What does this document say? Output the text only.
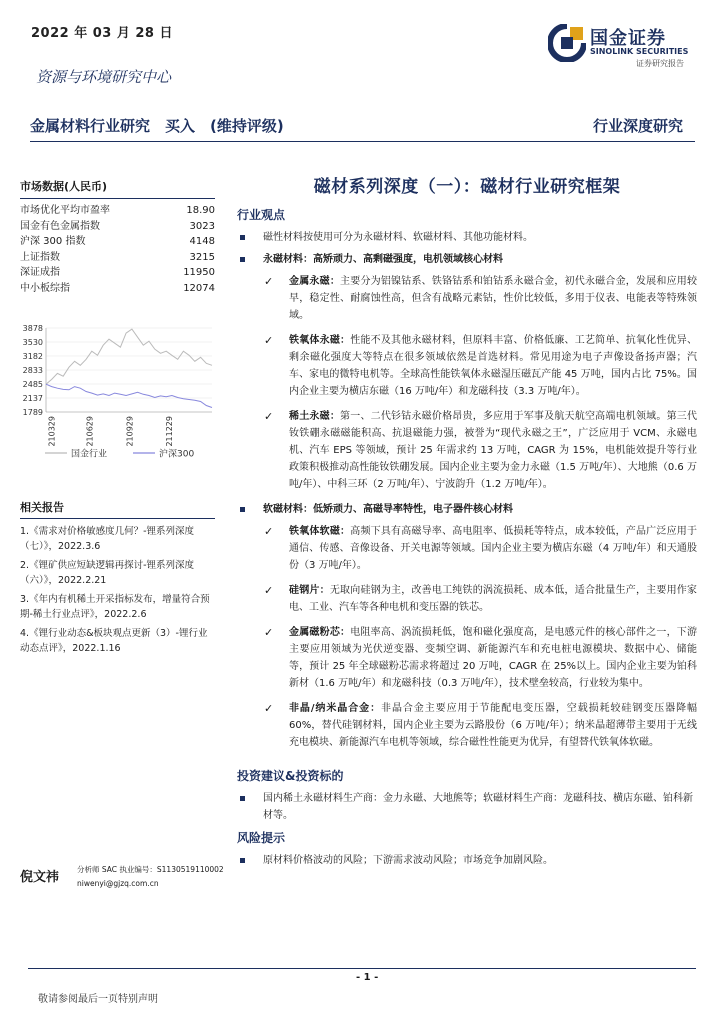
2022 年 03 月 28 日	国金证券
SINOLINK SECURITIES
证券研究报告
资源与环境研究中心
金属材料行业研究　买入　(维持评级)	行业深度研究
市场数据(人民币)
市场优化平均市盈率	18.90
国金有色金属指数	3023
沪深 300 指数	4148
上证指数	3215
深证成指	11950
中小板综指	12074
3878
3530
3182
2833
2485
2137
1789
210329	210629	210929	211229
国金行业	沪深300
相关报告
1.《需求对价格敏感度几何？-锂系列深度（七）》，2022.3.6
2.《锂矿供应短缺逻辑再探讨-锂系列深度（六）》，2022.2.21
3.《年内有机稀土开采指标发布，增量符合预期-稀土行业点评》，2022.2.6
4.《锂行业动态&板块观点更新（3）-锂行业动态点评》，2022.1.16
倪文祎
分析师 SAC 执业编号：S1130519110002
niwenyi@gjzq.com.cn
磁材系列深度（一）：磁材行业研究框架
行业观点
磁性材料按使用可分为永磁材料、软磁材料、其他功能材料。
永磁材料：高矫顽力、高剩磁强度，电机领域核心材料
✓ 金属永磁：主要分为铝镍钴系、铁铬钴系和铂钴系永磁合金，初代永磁合金，发展和应用较早，稳定性、耐腐蚀性高，但含有战略元素钴，性价比较低，多用于仪表、电能表等特殊领域。
✓ 铁氧体永磁：性能不及其他永磁材料，但原料丰富、价格低廉、工艺简单、抗氧化性优异、剩余磁化强度大等特点在很多领域依然是首选材料。常见用途为电子声像设备扬声器；汽车、家电的微特电机等。全球高性能铁氧体永磁湿压磁瓦产能 45 万吨，国内占比 75%。国内企业主要为横店东磁（16 万吨/年）和龙磁科技（3.3 万吨/年）。
✓ 稀土永磁：第一、二代钐钴永磁价格昂贵，多应用于军事及航天航空高端电机领域。第三代钕铁硼永磁磁能积高、抗退磁能力强，被誉为“现代永磁之王”，广泛应用于 VCM、永磁电机、汽车 EPS 等领域，预计 25 年需求约 13 万吨，CAGR 为 15%，电机能效提升等行业政策积极推动高性能钕铁硼发展。国内企业主要为金力永磁（1.5 万吨/年）、大地熊（0.6 万吨/年）、中科三环（2 万吨/年）、宁波韵升（1.2 万吨/年）。
软磁材料：低矫顽力、高磁导率特性，电子器件核心材料
✓ 铁氧体软磁：高频下具有高磁导率、高电阻率、低损耗等特点，成本较低，产品广泛应用于通信、传感、音像设备、开关电源等领域。国内企业主要为横店东磁（4 万吨/年）和天通股份（3 万吨/年）。
✓ 硅钢片：无取向硅钢为主，改善电工纯铁的涡流损耗、成本低，适合批量生产，主要用作家电、工业、汽车等各种电机和变压器的铁芯。
✓ 金属磁粉芯：电阻率高、涡流损耗低，饱和磁化强度高，是电感元件的核心部件之一，下游主要应用领域为光伏逆变器、变频空调、新能源汽车和充电桩电源模块、数据中心、储能等，预计 25 年全球磁粉芯需求将超过 20 万吨，CAGR 在 25%以上。国内企业主要为铂科新材（1.6 万吨/年）和龙磁科技（0.3 万吨/年），技术壁垒较高，行业较为集中。
✓ 非晶/纳米晶合金：非晶合金主要应用于节能配电变压器，空载损耗较硅钢变压器降幅 60%，替代硅钢材料，国内企业主要为云路股份（6 万吨/年）；纳米晶超薄带主要用于无线充电模块、新能源汽车电机等领域，综合磁性性能更为优异，有望替代铁氧体软磁。
投资建议&投资标的
国内稀土永磁材料生产商：金力永磁、大地熊等；软磁材料生产商：龙磁科技、横店东磁、铂科新材等。
风险提示
原材料价格波动的风险；下游需求波动风险；市场竞争加剧风险。
- 1 -
敬请参阅最后一页特别声明
